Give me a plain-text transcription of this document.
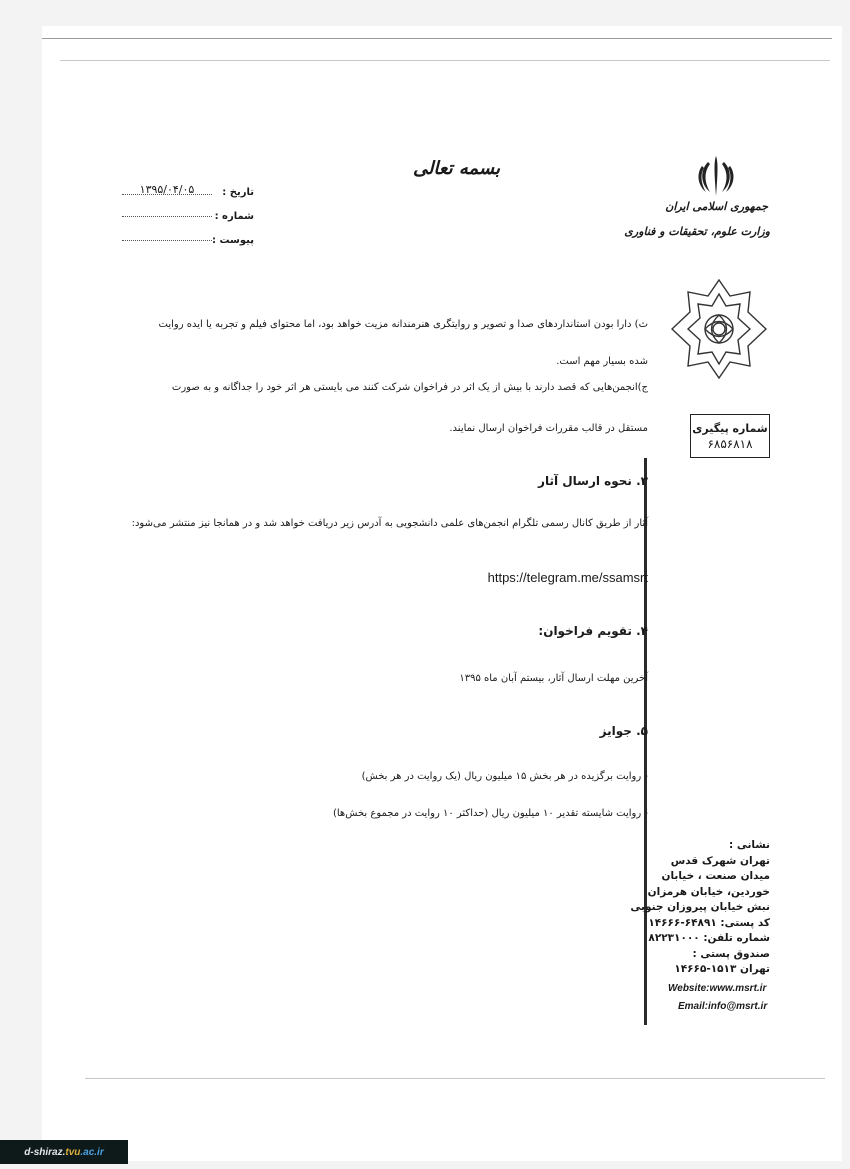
بسمه تعالی
جمهوری اسلامی ایران
وزارت علوم، تحقیقات و فناوری
تاریخ :
۱۳۹۵/۰۴/۰۵
شماره :
پیوست :
شماره پیگیری
۶۸۵۶۸۱۸
ث) دارا بودن استانداردهای صدا و تصویر و روایتگری هنرمندانه مزیت خواهد بود، اما محتوای فیلم و تجربه یا ایده روایت
شده بسیار مهم است.
ج)انجمن‌هایی که قصد دارند با بیش از یک اثر در فراخوان شرکت کنند می بایستی هر اثر خود را جداگانه و به صورت
مستقل در قالب مقررات فراخوان ارسال نمایند.
۳. نحوه ارسال آثار
آثار از طریق کانال رسمی تلگرام انجمن‌های علمی دانشجویی به آدرس زیر دریافت خواهد شد و در همانجا نیز منتشر می‌شود:
https://telegram.me/ssamsrt
۴. تقویم فراخوان:
آخرین مهلت ارسال آثار، بیستم آبان ماه ۱۳۹۵
۵. جوایز
- روایت برگزیده در هر بخش ۱۵ میلیون ریال (یک روایت در هر بخش)
- روایت شایسته تقدیر ۱۰ میلیون ریال (حداکثر ۱۰ روایت در مجموع بخش‌ها)
نشانی :
تهران شهرک قدس
میدان صنعت ، خیابان
خوردین، خیابان هرمزان
نبش خیابان پیروزان جنوبی
کد پستی: ۶۴۸۹۱-۱۴۶۶۶
شماره تلفن: ۸۲۲۳۱۰۰۰
صندوق پستی :
تهران ۱۵۱۳-۱۴۶۶۵
Website:www.msrt.ir
Email:info@msrt.ir
d-shiraz. tvu .ac.ir
